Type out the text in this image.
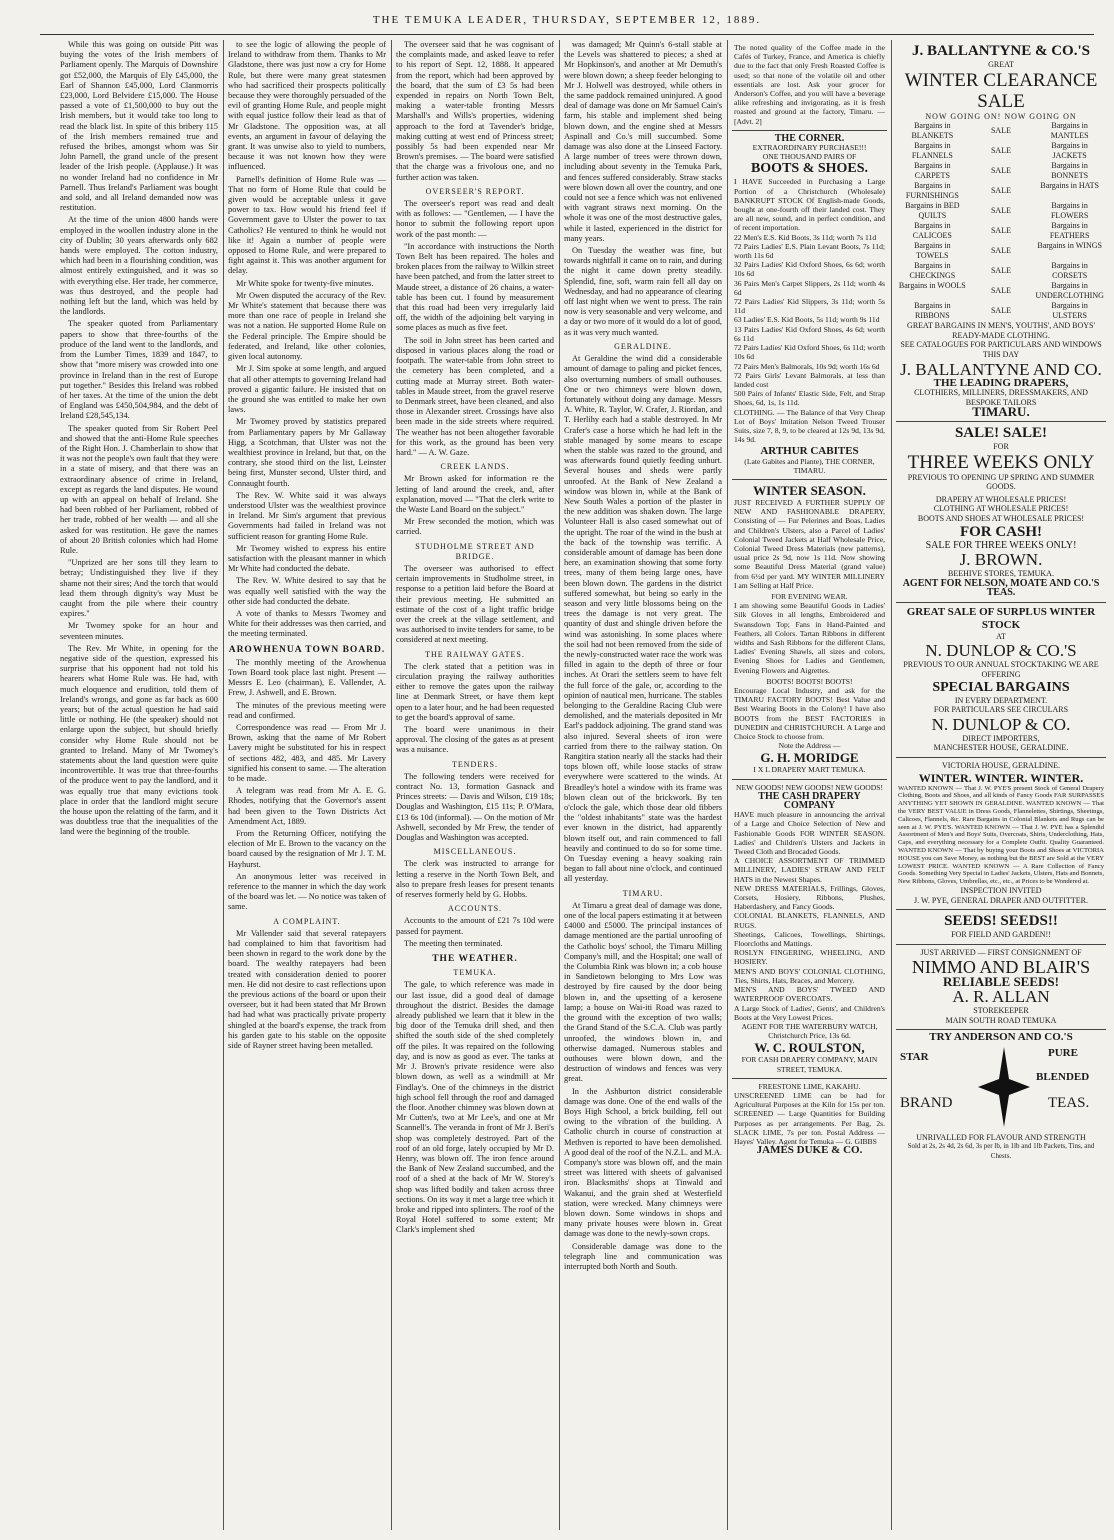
THE TEMUKA LEADER, THURSDAY, SEPTEMBER 12, 1889.

While this was going on outside Pitt was buying the votes of the Irish members of Parliament openly. The Marquis of Downshire got £52,000, the Marquis of Ely £45,000, the Earl of Shannon £45,000, Lord Clanmorris £23,000, Lord Belvidere £15,000. The House passed a vote of £1,500,000 to buy out the Irish members, but it would take too long to read the black list. In spite of this bribery 115 of the Irish members remained true and refused the bribes, amongst whom was Sir John Parnell, the grand uncle of the present leader of the Irish people. (Applause.) It was no wonder Ireland had no confidence in Mr Parnell. Thus Ireland's Parliament was bought and sold, and all Ireland demanded now was restitution.

At the time of the union 4800 hands were employed in the woollen industry alone in the city of Dublin; 30 years afterwards only 682 hands were employed. The cotton industry, which had been in a flourishing condition, was almost entirely extinguished, and it was so with everything else. Her trade, her commerce, was thus destroyed, and the people had nothing left but the land, which was held by the landlords.

The speaker quoted from Parliamentary papers to show that three-fourths of the produce of the land went to the landlords, and from the Lumber Times, 1839 and 1847, to show that "more misery was crowded into one province in Ireland than in the rest of Europe put together." Besides this Ireland was robbed of her taxes. At the time of the union the debt of England was £450,504,984, and the debt of Ireland £28,545,134.

The speaker quoted from Sir Robert Peel and showed that the anti-Home Rule speeches of the Right Hon. J. Chamberlain to show that it was not the people's own fault that they were in a state of misery, and that there was an extraordinary absence of crime in Ireland, except as regards the land disputes. He wound up with an appeal on behalf of Ireland. She had been robbed of her Parliament, robbed of her trade, robbed of her wealth — and all she asked for was restitution. He gave the names of about 20 British colonies which had Home Rule.

"Unprized are her sons till they learn to betray; Undistinguished they live if they shame not their sires; And the torch that would lead them through dignity's way Must be caught from the pile where their country expires."

Mr Twomey spoke for an hour and seventeen minutes.

The Rev. Mr White, in opening for the negative side of the question, expressed his surprise that his opponent had not told his hearers what Home Rule was. He had, with much eloquence and erudition, told them of Ireland's wrongs, and gone as far back as 600 years; but of the actual question he had said little or nothing. He (the speaker) should not enlarge upon the subject, but should briefly consider why Home Rule should not be granted to Ireland. Many of Mr Twomey's statements about the land question were quite incontrovertible. It was true that three-fourths of the produce went to pay the landlord, and it was equally true that many evictions took place in order that the landlord might secure the house upon the relatting of the farm, and it was doubtless true that the inequalities of the land were the beginning of the trouble.

to see the logic of allowing the people of Ireland to withdraw from them. Thanks to Mr Gladstone, there was just now a cry for Home Rule, but there were many great statesmen who had sacrificed their prospects politically because they were thoroughly persuaded of the evil of granting Home Rule, and people might with equal justice follow their lead as that of Mr Gladstone. The opposition was, at all events, an argument in favour of delaying the grant. It was unwise also to yield to numbers, because it was not known how they were influenced.

Parnell's definition of Home Rule was — That no form of Home Rule that could be given would be acceptable unless it gave power to tax. How would his friend feel if Government gave to Ulster the power to tax Catholics? He ventured to think he would not like it! Again a number of people were opposed to Home Rule, and were prepared to fight against it. This was another argument for delay.

Mr White spoke for twenty-five minutes.

Mr Owen disputed the accuracy of the Rev. Mr White's statement that because there was more than one race of people in Ireland she was not a nation. He supported Home Rule on the Federal principle. The Empire should be federated, and Ireland, like other colonies, given local autonomy.

Mr J. Sim spoke at some length, and argued that all other attempts to governing Ireland had proved a gigantic failure. He insisted that on the ground she was entitled to make her own laws.

Mr Twomey proved by statistics prepared from Parliamentary papers by Mr Gallaway Higg, a Scotchman, that Ulster was not the wealthiest province in Ireland, but that, on the contrary, she stood third on the list, Leinster being first, Munster second, Ulster third, and Connaught fourth.

The Rev. W. White said it was always understood Ulster was the wealthiest province in Ireland. Mr Sim's argument that previous Governments had failed in Ireland was not sufficient reason for granting Home Rule.

Mr Twomey wished to express his entire satisfaction with the pleasant manner in which Mr White had conducted the debate.

The Rev. W. White desired to say that he was equally well satisfied with the way the other side had conducted the debate.

A vote of thanks to Messrs Twomey and White for their addresses was then carried, and the meeting terminated.

AROWHENUA TOWN BOARD.

The monthly meeting of the Arowhenua Town Board took place last night. Present — Messrs E. Leo (chairman), E. Vallender, A. Frew, J. Ashwell, and E. Brown.

The minutes of the previous meeting were read and confirmed.

Correspondence was read — From Mr J. Brown, asking that the name of Mr Robert Lavery might be substituted for his in respect of sections 482, 483, and 485. Mr Lavery signified his consent to same. — The alteration to be made.

A telegram was read from Mr A. E. G. Rhodes, notifying that the Governor's assent had been given to the Town Districts Act Amendment Act, 1889.

From the Returning Officer, notifying the election of Mr E. Brown to the vacancy on the board caused by the resignation of Mr J. T. M. Hayhurst.

An anonymous letter was received in reference to the manner in which the day work of the board was let. — No notice was taken of same.

A COMPLAINT.

Mr Vallender said that several ratepayers had complained to him that favoritism had been shown in regard to the work done by the board. The wealthy ratepayers had been treated with consideration denied to poorer men. He did not desire to cast reflections upon the previous actions of the board or upon their overseer, but it had been stated that Mr Brown had had what was practically private property shingled at the board's expense, the track from his garden gate to his stable on the opposite side of Rayner street having been metalled.

The overseer said that he was cognisant of the complaints made, and asked leave to refer to his report of Sept. 12, 1888. It appeared from the report, which had been approved by the board, that the sum of £3 5s had been expended in repairs on North Town Belt, making a water-table fronting Messrs Marshall's and Wills's properties, widening approach to the ford at Tavender's bridge, making cutting at west end of Princess street; possibly 5s had been expended near Mr Brown's premises. — The board were satisfied that the charge was a frivolous one, and no further action was taken.

OVERSEER'S REPORT.

The overseer's report was read and dealt with as follows: — "Gentlemen, — I have the honor to submit the following report upon work of the past month: —

"In accordance with instructions the North Town Belt has been repaired. The holes and broken places from the railway to Wilkin street have been patched, and from the latter street to Maude street, a distance of 26 chains, a water-table has been cut. I found by measurement that this road had been very irregularly laid off, the width of the adjoining belt varying in some places as much as five feet.

The soil in John street has been carted and disposed in various places along the road or footpath. The water-table from John street to the cemetery has been completed, and a cutting made at Murray street. Both water-tables in Maude street, from the gravel reserve to Denmark street, have been cleaned, and also those in Alexander street. Crossings have also been made in the side streets where required. The weather has not been altogether favorable for this work, as the ground has been very hard." — A. W. Gaze.

CREEK LANDS.

Mr Brown asked for information re the letting of land around the creek, and, after explanation, moved — "That the clerk write to the Waste Land Board on the subject."

Mr Frew seconded the motion, which was carried.

STUDHOLME STREET AND BRIDGE.

The overseer was authorised to effect certain improvements in Studholme street, in response to a petition laid before the Board at their previous meeting. He submitted an estimate of the cost of a light traffic bridge over the creek at the village settlement, and was authorised to invite tenders for same, to be considered at next meeting.

THE RAILWAY GATES.

The clerk stated that a petition was in circulation praying the railway authorities either to remove the gates upon the railway line at Denmark Street, or have them kept open to a later hour, and he had been requested to get the board's approval of same.

The board were unanimous in their approval. The closing of the gates as at present was a nuisance.

TENDERS.

The following tenders were received for contract No. 13, formation Gasnack and Princes streets: — Davis and Wilson, £19 18s; Douglas and Washington, £15 11s; P. O'Mara, £13 6s 10d (informal). — On the motion of Mr Ashwell, seconded by Mr Frew, the tender of Douglas and Washington was accepted.

MISCELLANEOUS.

The clerk was instructed to arrange for letting a reserve in the North Town Belt, and also to prepare fresh leases for present tenants of reserves formerly held by G. Hobbs.

ACCOUNTS.

Accounts to the amount of £21 7s 10d were passed for payment.

The meeting then terminated.

THE WEATHER.
TEMUKA.

The gale, to which reference was made in our last issue, did a good deal of damage throughout the district. Besides the damage already published we learn that it blew in the big door of the Temuka drill shed, and then shifted the south side of the shed completely off the piles. It was repaired on the following day, and is now as good as ever. The tanks at Mr J. Brown's private residence were also blown down, as well as a windmill at Mr Findlay's. One of the chimneys in the district high school fell through the roof and damaged the floor. Another chimney was blown down at Mr Cutten's, two at Mr Lee's, and one at Mr Scannell's. The veranda in front of Mr J. Beri's shop was completely destroyed. Part of the roof of an old forge, lately occupied by Mr D. Henry, was blown off. The iron fence around the Bank of New Zealand succumbed, and the roof of a shed at the back of Mr W. Storey's shop was lifted bodily and taken across three sections. On its way it met a large tree which it broke and ripped into splinters. The roof of the Royal Hotel suffered to some extent; Mr Clark's implement shed

was damaged; Mr Quinn's 6-stall stable at the Levels was shattered to pieces; a shed at Mr Hopkinson's, and another at Mr Demuth's were blown down; a sheep feeder belonging to Mr J. Holwell was destroyed, while others in the same paddock remained uninjured. A good deal of damage was done on Mr Samuel Cain's farm, his stable and implement shed being blown down, and the engine shed at Messrs Aspinall and Co.'s mill succumbed. Some damage was also done at the Linseed Factory. A large number of trees were thrown down, including about seventy in the Temuka Park, and fences suffered considerably. Straw stacks were blown down all over the country, and one could not see a fence which was not enlivened with vagrant straws next morning. On the whole it was one of the most destructive gales, while it lasted, experienced in the district for many years.

On Tuesday the weather was fine, but towards nightfall it came on to rain, and during the night it came down pretty steadily. Splendid, fine, soft, warm rain fell all day on Wednesday, and had no appearance of clearing off last night when we went to press. The rain now is very seasonable and very welcome, and a day or two more of it would do a lot of good, as it was very much wanted.

GERALDINE.

At Geraldine the wind did a considerable amount of damage to paling and picket fences, also overturning numbers of small outhouses. One or two chimneys were blown down, fortunately without doing any damage. Messrs A. White, R. Taylor, W. Crafer, J. Riordan, and T. Herlihy each had a stable destroyed. In Mr Crafer's case a horse which he had left in the stable managed by some means to escape when the stable was razed to the ground, and was afterwards found quietly feeding unhurt. Several houses and sheds were partly unroofed. At the Bank of New Zealand a window was blown in, while at the Bank of New South Wales a portion of the plaster in the new addition was shaken down. The large Volunteer Hall is also cased somewhat out of the upright. The roar of the wind in the bush at the back of the township was terrific. A considerable amount of damage has been done here, an examination showing that some forty trees, many of them being large ones, have been blown down. The gardens in the district suffered somewhat, but being so early in the season and very little blossoms being on the trees the damage is not very great. The quantity of dust and shingle driven before the wind was astonishing. In some places where the soil had not been removed from the side of the newly-constructed water race the work was filled in again to the depth of three or four inches. At Orari the settlers seem to have felt the full force of the gale, or, according to the opinion of nautical men, hurricane. The stables belonging to the Geraldine Racing Club were demolished, and the materials deposited in Mr Earl's paddock adjoining. The grand stand was also injured. Several sheets of iron were carried from there to the railway station. On Rangitira station nearly all the stacks had their tops blown off, while loose stacks of straw everywhere were scattered to the winds. At Breadley's hotel a window with its frame was blown clean out of the brickwork. By ten o'clock the gale, which those dear old fibbers the "oldest inhabitants" state was the hardest ever known in the district, had apparently blown itself out, and rain commenced to fall heavily and continued to do so for some time. On Tuesday evening a heavy soaking rain began to fall about nine o'clock, and continued all yesterday.

TIMARU.

At Timaru a great deal of damage was done, one of the local papers estimating it at between £4000 and £5000. The principal instances of damage mentioned are the partial unroofing of the Catholic boys' school, the Timaru Milling Company's mill, and the Hospital; one wall of the Columbia Rink was blown in; a cob house in Sandietown belonging to Mrs Low was destroyed by fire caused by the door being blown in, and the upsetting of a kerosene lamp; a house on Wai-iti Road was razed to the ground with the exception of two walls; the Grand Stand of the S.C.A. Club was partly unroofed, the windows blown in, and otherwise damaged. Numerous stables and outhouses were blown down, and the destruction of windows and fences was very great.

In the Ashburton district considerable damage was done. One of the end walls of the Boys High School, a brick building, fell out owing to the vibration of the building. A Catholic church in course of construction at Methven is reported to have been demolished. A good deal of the roof of the N.Z.L. and M.A. Company's store was blown off, and the main street was littered with sheets of galvanised iron. Blacksmiths' shops at Tinwald and Wakanui, and the grain shed at Westerfield station, were wrecked. Many chimneys were blown down. Some windows in shops and many private houses were blown in. Great damage was done to the newly-sown crops.

Considerable damage was done to the telegraph line and communication was interrupted both North and South.

The noted quality of the Coffee made in the Cafés of Turkey, France, and America is chiefly due to the fact that only Fresh Roasted Coffee is used; so that none of the volatile oil and other essentials are lost. Ask your grocer for Anderson's Coffee, and you will have a beverage alike refreshing and invigorating, as it is fresh roasted and ground at the factory, Timaru. — [Advt. 2]
THE CORNER.
EXTRAORDINARY PURCHASE!!!
ONE THOUSAND PAIRS OF
BOOTS & SHOES.
I HAVE Succeeded in Purchasing a Large Portion of a Christchurch (Wholesale) BANKRUPT STOCK Of English-made Goods, bought at one-fourth off their landed cost. They are all new, sound, and in perfect condition, and of recent importation.
22 Men's E.S. Kid Boots, 3s 11d; worth 7s 11d
72 Pairs Ladies' E.S. Plain Levant Boots, 7s 11d; worth 11s 6d
32 Pairs Ladies' Kid Oxford Shoes, 6s 6d; worth 10s 6d
36 Pairs Men's Carpet Slippers, 2s 11d; worth 4s 6d
72 Pairs Ladies' Kid Slippers, 3s 11d; worth 5s 11d
63 Ladies' E.S. Kid Boots, 5s 11d; worth 9s 11d
13 Pairs Ladies' Kid Oxford Shoes, 4s 6d; worth 6s 11d
72 Pairs Ladies' Kid Oxford Shoes, 6s 11d; worth 10s 6d
72 Pairs Men's Balmorals, 10s 9d; worth 16s 6d
72 Pairs Girls' Levant Balmorals, at less than landed cost
500 Pairs of Infants' Elastic Side, Felt, and Strap Shoes, 6d, 1s, 1s 11d.
CLOTHING. — The Balance of that Very Cheap Lot of Boys' Imitation Nelson Tweed Trouser Suits, size 7, 8, 9, to be cleared at 12s 9d, 13s 9d, 14s 9d.
ARTHUR CABITES
(Late Gabites and Plante), THE CORNER, TIMARU.
WINTER SEASON.
JUST RECEIVED A FURTHER SUPPLY OF NEW AND FASHIONABLE DRAPERY, Consisting of — Fur Pelerines and Boas, Ladies and Children's Ulsters, also a Parcel of Ladies' Colonial Tweed Jackets at Half Wholesale Price, Colonial Tweed Dress Materials (new patterns), usual price 2s 9d, now 1s 11d. Now showing some Beautiful Dress Material (grand value) from 6½d per yard. MY WINTER MILLINERY I am Selling at Half Price.
FOR EVENING WEAR.
I am showing some Beautiful Goods in Ladies' Silk Gloves in all lengths, Embroidered and Swansdown Top; Fans in Hand-Painted and Feathers, all Colors. Tartan Ribbons in different widths and Sash Ribbons for the different Clans, Ladies' Evening Shawls, all sizes and colors, Evening Shoes for Ladies and Gentlemen, Evening Flowers and Aigrettes.
BOOTS! BOOTS! BOOTS!
Encourage Local Industry, and ask for the TIMARU FACTORY BOOTS! Best Value and Best Wearing Boots in the Colony! I have also BOOTS from the BEST FACTORIES in DUNEDIN and CHRISTCHURCH. A Large and Choice Stock to choose from.
Note the Address —
G. H. MORIDGE
I X L DRAPERY MART TEMUKA.
NEW GOODS! NEW GOODS! NEW GOODS!
THE CASH DRAPERY COMPANY
HAVE much pleasure in announcing the arrival of a Large and Choice Selection of New and Fashionable Goods FOR WINTER SEASON. Ladies' and Children's Ulsters and Jackets in Tweed Cloth and Brocaded Goods.
A CHOICE ASSORTMENT OF TRIMMED MILLINERY, LADIES' STRAW AND FELT HATS in the Newest Shapes.
NEW DRESS MATERIALS, Frillings, Gloves, Corsets, Hosiery, Ribbons, Plushes, Haberdashery, and Fancy Goods.
COLONIAL BLANKETS, FLANNELS, AND RUGS.
Sheetings, Calicoes, Towellings, Shirtings, Floorcloths and Mattings.
ROSLYN FINGERING, WHEELING, AND HOSIERY.
MEN'S AND BOYS' COLONIAL CLOTHING, Ties, Shirts, Hats, Braces, and Mercery.
MEN'S AND BOYS' TWEED AND WATERPROOF OVERCOATS.
A Large Stock of Ladies', Gents', and Children's Boots at the Very Lowest Prices.
AGENT FOR THE WATERBURY WATCH, Christchurch Price, 13s 6d.
W. C. ROULSTON,
FOR CASH DRAPERY COMPANY, MAIN STREET, TEMUKA.
FREESTONE LIME, KAKAHU.
UNSCREENED LIME can be had for Agricultural Purposes at the Kiln for 15s per ton. SCREENED — Large Quantities for Building Purposes as per arrangements. Per Bag, 2s. SLACK LIME, 7s per ton. Postal Address — Hayes' Valley. Agent for Temuka — G. GIBBS
JAMES DUKE & CO.
J. BALLANTYNE & CO.'S
GREAT
WINTER CLEARANCE SALE
NOW GOING ON! NOW GOING ON
Bargains in BLANKETS
Bargains in FLANNELS
Bargains in CARPETS
Bargains in FURNISHINGS
Bargains in BED QUILTS
Bargains in CALICOES
Bargains in TOWELS
Bargains in CHECKINGS
Bargains in WOOLS
Bargains in RIBBONS
SALE
SALE
SALE
SALE
SALE
SALE
SALE
SALE
SALE
SALE
Bargains in MANTLES
Bargains in JACKETS
Bargains in BONNETS
Bargains in HATS
Bargains in FLOWERS
Bargains in FEATHERS
Bargains in WINGS
Bargains in CORSETS
Bargains in UNDERCLOTHING
Bargains in ULSTERS
GREAT BARGAINS IN MEN'S, YOUTHS', AND BOYS' READY-MADE CLOTHING.
SEE CATALOGUES FOR PARTICULARS AND WINDOWS THIS DAY
J. BALLANTYNE AND CO.
THE LEADING DRAPERS,
CLOTHIERS, MILLINERS, DRESSMAKERS, AND BESPOKE TAILORS
TIMARU.
SALE! SALE!
FOR
THREE WEEKS ONLY
PREVIOUS TO OPENING UP SPRING AND SUMMER GOODS.
DRAPERY AT WHOLESALE PRICES!
CLOTHING AT WHOLESALE PRICES!
BOOTS AND SHOES AT WHOLESALE PRICES!
FOR CASH!
SALE FOR THREE WEEKS ONLY!
J. BROWN.
BEEHIVE STORES, TEMUKA.
AGENT FOR NELSON, MOATE AND CO.'S TEAS.
GREAT SALE OF SURPLUS WINTER STOCK
AT
N. DUNLOP & CO.'S
PREVIOUS TO OUR ANNUAL STOCKTAKING WE ARE OFFERING
SPECIAL BARGAINS
IN EVERY DEPARTMENT.
FOR PARTICULARS SEE CIRCULARS
N. DUNLOP & CO.
DIRECT IMPORTERS,
MANCHESTER HOUSE, GERALDINE.
VICTORIA HOUSE, GERALDINE.
WINTER. WINTER. WINTER.
WANTED KNOWN — That J. W. PYE'S present Stock of General Drapery Clothing, Boots and Shoes, and all kinds of Fancy Goods FAR SURPASSES ANYTHING YET SHOWN IN GERALDINE. WANTED KNOWN — That the VERY BEST VALUE in Dress Goods, Flannelettes, Shirtings, Sheetings, Calicoes, Flannels, &c. Rare Bargains in Colonial Blankets and Rugs can be seen at J. W. PYE'S. WANTED KNOWN — That J. W. PYE has a Splendid Assortment of Men's and Boys' Suits, Overcoats, Shirts, Underclothing, Hats, Caps, and everything necessary for a Complete Outfit. Quality Guaranteed. WANTED KNOWN — That by buying your Boots and Shoes at VICTORIA HOUSE you can Save Money, as nothing but the BEST are Sold at the VERY LOWEST PRICE. WANTED KNOWN — A Rare Collection of Fancy Goods. Something Very Special in Ladies' Jackets, Ulsters, Hats and Bonnets, New Ribbons, Gloves, Umbrellas, etc., etc., at Prices to be Wondered at.
INSPECTION INVITED
J. W. PYE, GENERAL DRAPER AND OUTFITTER.
SEEDS! SEEDS!!
FOR FIELD AND GARDEN!!
JUST ARRIVED — FIRST CONSIGNMENT OF
NIMMO AND BLAIR'S
RELIABLE SEEDS!
A. R. ALLAN
STOREKEEPER
MAIN SOUTH ROAD TEMUKA
TRY ANDERSON AND CO.'S
STAR	PURE
BLENDED
BRAND	TEAS.
UNRIVALLED FOR FLAVOUR AND STRENGTH
Sold at 2s, 2s 4d, 2s 6d, 3s per lb, in 1lb and 1lb Packets, Tins, and Chests.
